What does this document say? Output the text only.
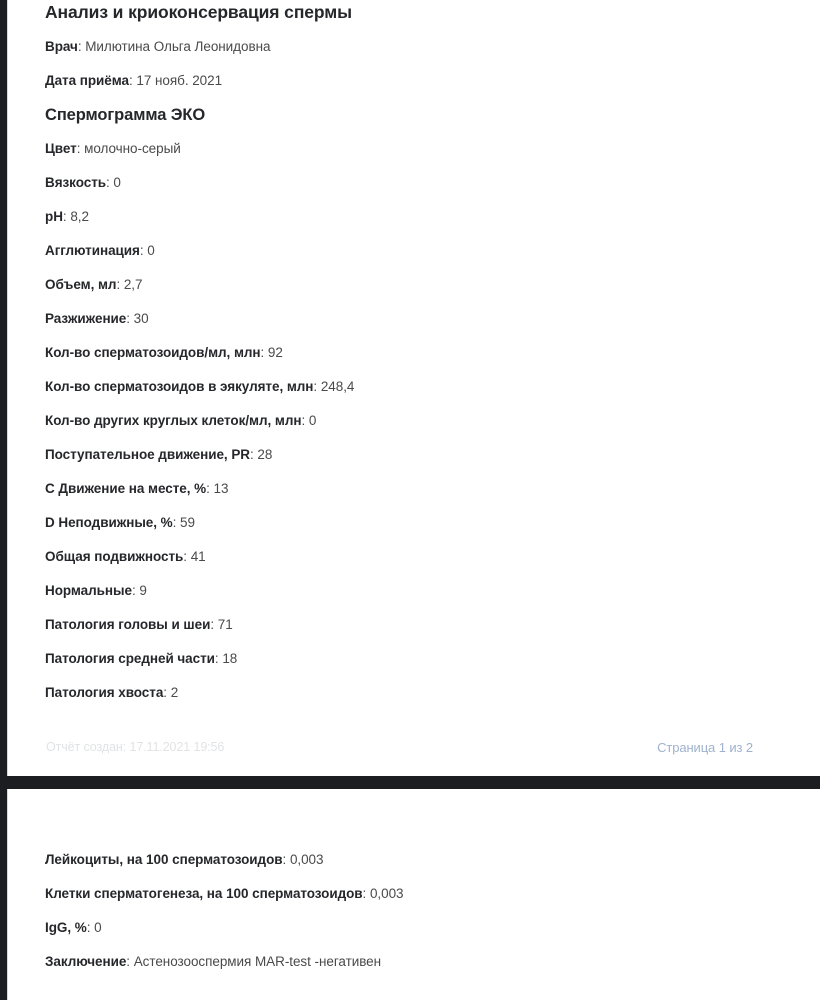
Анализ и криоконсервация спермы
Врач: Милютина Ольга Леонидовна
Дата приёма: 17 нояб. 2021
Спермограмма ЭКО
Цвет: молочно-серый
Вязкость: 0
pH: 8,2
Агглютинация: 0
Объем, мл: 2,7
Разжижение: 30
Кол-во сперматозоидов/мл, млн: 92
Кол-во сперматозоидов в эякуляте, млн: 248,4
Кол-во других круглых клеток/мл, млн: 0
Поступательное движение, PR: 28
C Движение на месте, %: 13
D Неподвижные, %: 59
Общая подвижность: 41
Нормальные: 9
Патология головы и шеи: 71
Патология средней части: 18
Патология хвоста: 2
Отчёт создан: 17.11.2021 19:56	Страница 1 из 2
Лейкоциты, на 100 сперматозоидов: 0,003
Клетки сперматогенеза, на 100 сперматозоидов: 0,003
IgG, %: 0
Заключение: Астенозооспермия MAR-test -негативен
